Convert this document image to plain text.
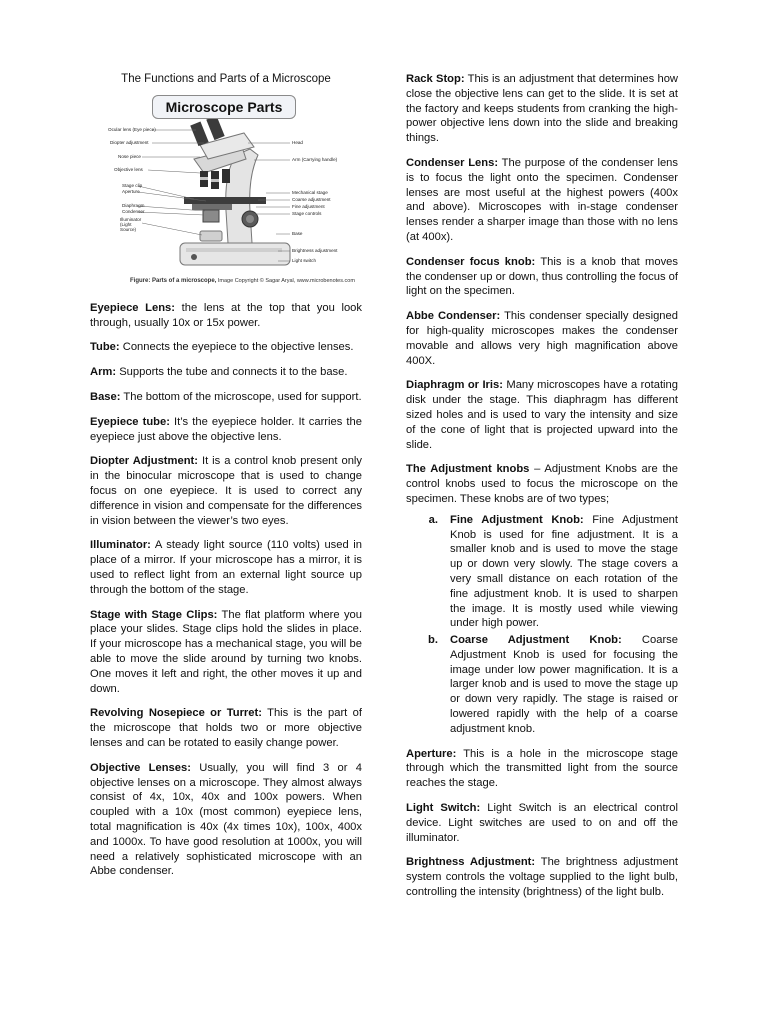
The Functions and Parts of a Microscope
Microscope Parts
Ocular lens (Eye piece)
Diopter adjustment
Nose piece
Objective lens
Stage clip
Aperture
Diaphragm
Condenser
Illuminator (Light Source)
Head
Arm (Carrying handle)
Mechanical stage
Coarse adjustment
Fine adjustment
Stage controls
Base
Brightness adjustment
Light switch
Figure: Parts of a microscope, Image Copyright © Sagar Aryal, www.microbenotes.com

Eyepiece Lens: the lens at the top that you look through, usually 10x or 15x power.

Tube: Connects the eyepiece to the objective lenses.

Arm: Supports the tube and connects it to the base.

Base: The bottom of the microscope, used for support.

Eyepiece tube: It’s the eyepiece holder. It carries the eyepiece just above the objective lens.

Diopter Adjustment: It is a control knob present only in the binocular microscope that is used to change focus on one eyepiece. It is used to correct any difference in vision and compensate for the differences in vision between the viewer’s two eyes.

Illuminator: A steady light source (110 volts) used in place of a mirror. If your microscope has a mirror, it is used to reflect light from an external light source up through the bottom of the stage.

Stage with Stage Clips: The flat platform where you place your slides. Stage clips hold the slides in place. If your microscope has a mechanical stage, you will be able to move the slide around by turning two knobs. One moves it left and right, the other moves it up and down.

Revolving Nosepiece or Turret: This is the part of the microscope that holds two or more objective lenses and can be rotated to easily change power.

Objective Lenses: Usually, you will find 3 or 4 objective lenses on a microscope. They almost always consist of 4x, 10x, 40x and 100x powers. When coupled with a 10x (most common) eyepiece lens, total magnification is 40x (4x times 10x), 100x, 400x and 1000x. To have good resolution at 1000x, you will need a relatively sophisticated microscope with an Abbe condenser.

Rack Stop: This is an adjustment that determines how close the objective lens can get to the slide. It is set at the factory and keeps students from cranking the high-power objective lens down into the slide and breaking things.

Condenser Lens: The purpose of the condenser lens is to focus the light onto the specimen. Condenser lenses are most useful at the highest powers (400x and above). Microscopes with in-stage condenser lenses render a sharper image than those with no lens (at 400x).

Condenser focus knob: This is a knob that moves the condenser up or down, thus controlling the focus of light on the specimen.

Abbe Condenser: This condenser specially designed for high-quality microscopes makes the condenser movable and allows very high magnification above 400X.

Diaphragm or Iris: Many microscopes have a rotating disk under the stage. This diaphragm has different sized holes and is used to vary the intensity and size of the cone of light that is projected upward into the slide.

The Adjustment knobs – Adjustment Knobs are the control knobs used to focus the microscope on the specimen. These knobs are of two types;

a.	Fine Adjustment Knob: Fine Adjustment Knob is used for fine adjustment. It is a smaller knob and is used to move the stage up or down very slowly. The stage covers a very small distance on each rotation of the fine adjustment knob. It is used to sharpen the image. It is mostly used while viewing under high power.
b.	Coarse Adjustment Knob: Coarse Adjustment Knob is used for focusing the image under low power magnification. It is a larger knob and is used to move the stage up or down very rapidly. The stage is raised or lowered rapidly with the help of a coarse adjustment knob.

Aperture: This is a hole in the microscope stage through which the transmitted light from the source reaches the stage.

Light Switch: Light Switch is an electrical control device. Light switches are used to on and off the illuminator.

Brightness Adjustment: The brightness adjustment system controls the voltage supplied to the light bulb, controlling the intensity (brightness) of the light bulb.
